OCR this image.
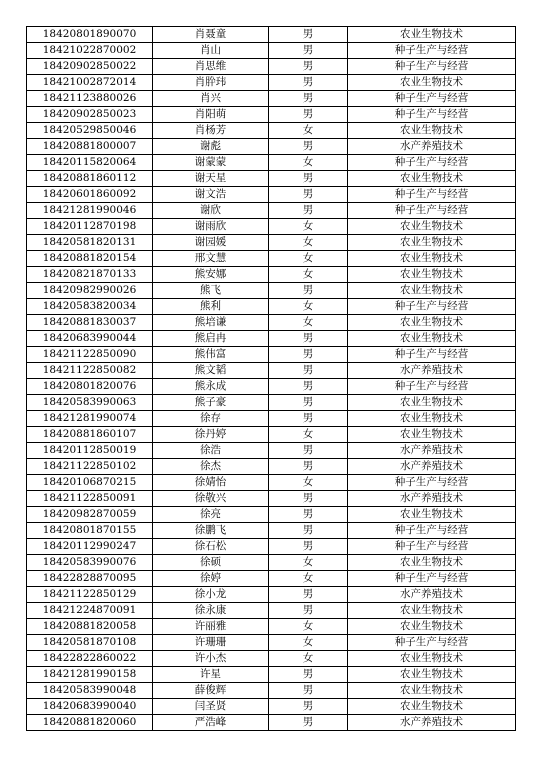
18420801890070	肖聂童	男	农业生物技术
18421022870002	肖山	男	种子生产与经营
18420902850022	肖思维	男	种子生产与经营
18421002872014	肖肸玮	男	农业生物技术
18421123880026	肖兴	男	种子生产与经营
18420902850023	肖阳萌	男	种子生产与经营
18420529850046	肖杨芳	女	农业生物技术
18420881800007	谢彪	男	水产养殖技术
18420115820064	谢蒙蒙	女	种子生产与经营
18420881860112	谢天星	男	农业生物技术
18420601860092	谢文浩	男	种子生产与经营
18421281990046	谢欣	男	种子生产与经营
18420112870198	谢雨欣	女	农业生物技术
18420581820131	谢园媛	女	农业生物技术
18420881820154	邢文慧	女	农业生物技术
18420821870133	熊安娜	女	农业生物技术
18420982990026	熊飞	男	农业生物技术
18420583820034	熊利	女	种子生产与经营
18420881830037	熊培谦	女	农业生物技术
18420683990044	熊启冉	男	农业生物技术
18421122850090	熊伟富	男	种子生产与经营
18421122850082	熊文韬	男	水产养殖技术
18420801820076	熊永成	男	种子生产与经营
18420583990063	熊子豪	男	农业生物技术
18421281990074	徐存	男	农业生物技术
18420881860107	徐丹婷	女	农业生物技术
18420112850019	徐浩	男	水产养殖技术
18421122850102	徐杰	男	水产养殖技术
18420106870215	徐婧怡	女	种子生产与经营
18421122850091	徐敬兴	男	水产养殖技术
18420982870059	徐亮	男	农业生物技术
18420801870155	徐鹏飞	男	种子生产与经营
18420112990247	徐石松	男	种子生产与经营
18420583990076	徐硕	女	农业生物技术
18422828870095	徐婷	女	种子生产与经营
18421122850129	徐小龙	男	水产养殖技术
18421224870091	徐永康	男	农业生物技术
18420881820058	许丽雅	女	农业生物技术
18420581870108	许珊珊	女	种子生产与经营
18422822860022	许小杰	女	农业生物技术
18421281990158	许星	男	农业生物技术
18420583990048	薛俊辉	男	农业生物技术
18420683990040	闫圣贤	男	农业生物技术
18420881820060	严浩峰	男	水产养殖技术
